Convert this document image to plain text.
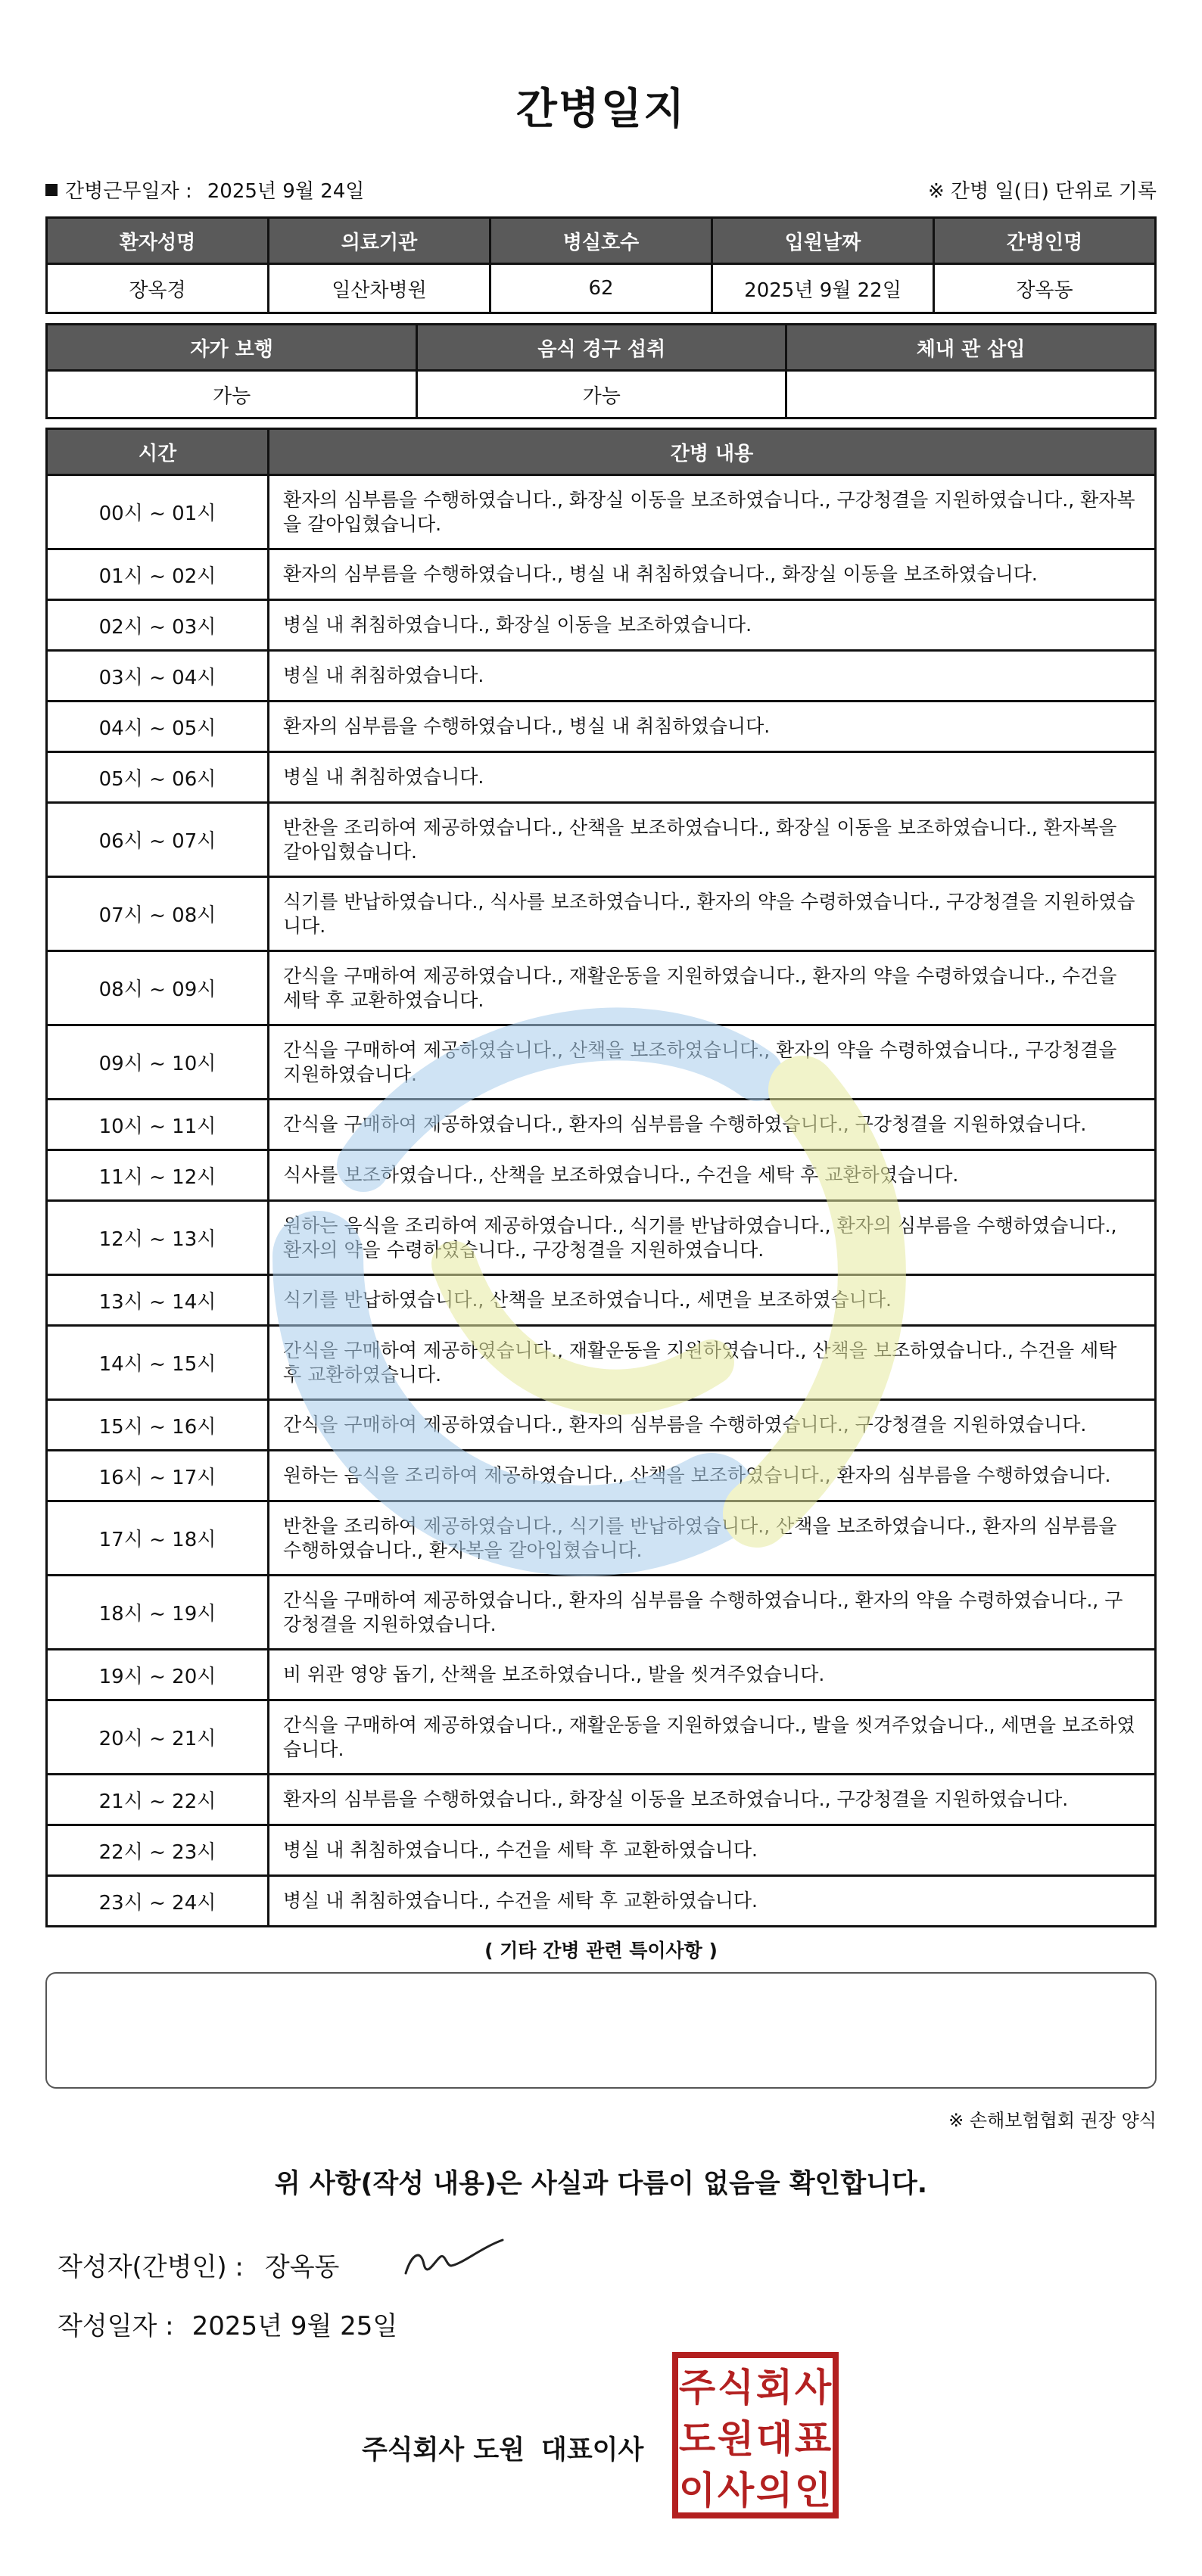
간병일지
간병근무일자 : 2025년 9월 24일	※ 간병 일(日) 단위로 기록
환자성명	의료기관	병실호수	입원날짜	간병인명
장옥경	일산차병원	62	2025년 9월 22일	장옥동
자가 보행	음식 경구 섭취	체내 관 삽입
가능	가능	
시간	간병 내용
00시 ~ 01시	환자의 심부름을 수행하였습니다., 화장실 이동을 보조하였습니다., 구강청결을 지원하였습니다., 환자복을 갈아입혔습니다.
01시 ~ 02시	환자의 심부름을 수행하였습니다., 병실 내 취침하였습니다., 화장실 이동을 보조하였습니다.
02시 ~ 03시	병실 내 취침하였습니다., 화장실 이동을 보조하였습니다.
03시 ~ 04시	병실 내 취침하였습니다.
04시 ~ 05시	환자의 심부름을 수행하였습니다., 병실 내 취침하였습니다.
05시 ~ 06시	병실 내 취침하였습니다.
06시 ~ 07시	반찬을 조리하여 제공하였습니다., 산책을 보조하였습니다., 화장실 이동을 보조하였습니다., 환자복을 갈아입혔습니다.
07시 ~ 08시	식기를 반납하였습니다., 식사를 보조하였습니다., 환자의 약을 수령하였습니다., 구강청결을 지원하였습니다.
08시 ~ 09시	간식을 구매하여 제공하였습니다., 재활운동을 지원하였습니다., 환자의 약을 수령하였습니다., 수건을 세탁 후 교환하였습니다.
09시 ~ 10시	간식을 구매하여 제공하였습니다., 산책을 보조하였습니다., 환자의 약을 수령하였습니다., 구강청결을 지원하였습니다.
10시 ~ 11시	간식을 구매하여 제공하였습니다., 환자의 심부름을 수행하였습니다., 구강청결을 지원하였습니다.
11시 ~ 12시	식사를 보조하였습니다., 산책을 보조하였습니다., 수건을 세탁 후 교환하였습니다.
12시 ~ 13시	원하는 음식을 조리하여 제공하였습니다., 식기를 반납하였습니다., 환자의 심부름을 수행하였습니다., 환자의 약을 수령하였습니다., 구강청결을 지원하였습니다.
13시 ~ 14시	식기를 반납하였습니다., 산책을 보조하였습니다., 세면을 보조하였습니다.
14시 ~ 15시	간식을 구매하여 제공하였습니다., 재활운동을 지원하였습니다., 산책을 보조하였습니다., 수건을 세탁 후 교환하였습니다.
15시 ~ 16시	간식을 구매하여 제공하였습니다., 환자의 심부름을 수행하였습니다., 구강청결을 지원하였습니다.
16시 ~ 17시	원하는 음식을 조리하여 제공하였습니다., 산책을 보조하였습니다., 환자의 심부름을 수행하였습니다.
17시 ~ 18시	반찬을 조리하여 제공하였습니다., 식기를 반납하였습니다., 산책을 보조하였습니다., 환자의 심부름을 수행하였습니다., 환자복을 갈아입혔습니다.
18시 ~ 19시	간식을 구매하여 제공하였습니다., 환자의 심부름을 수행하였습니다., 환자의 약을 수령하였습니다., 구강청결을 지원하였습니다.
19시 ~ 20시	비 위관 영양 돕기, 산책을 보조하였습니다., 발을 씻겨주었습니다.
20시 ~ 21시	간식을 구매하여 제공하였습니다., 재활운동을 지원하였습니다., 발을 씻겨주었습니다., 세면을 보조하였습니다.
21시 ~ 22시	환자의 심부름을 수행하였습니다., 화장실 이동을 보조하였습니다., 구강청결을 지원하였습니다.
22시 ~ 23시	병실 내 취침하였습니다., 수건을 세탁 후 교환하였습니다.
23시 ~ 24시	병실 내 취침하였습니다., 수건을 세탁 후 교환하였습니다.
( 기타 간병 관련 특이사항 )
※ 손해보험협회 권장 양식
위 사항(작성 내용)은 사실과 다름이 없음을 확인합니다.
작성자(간병인) : 장옥동
작성일자 : 2025년 9월 25일
주식회사 도원 대표이사
주 식 회 사
도 원 대 표
이 사 의 인
